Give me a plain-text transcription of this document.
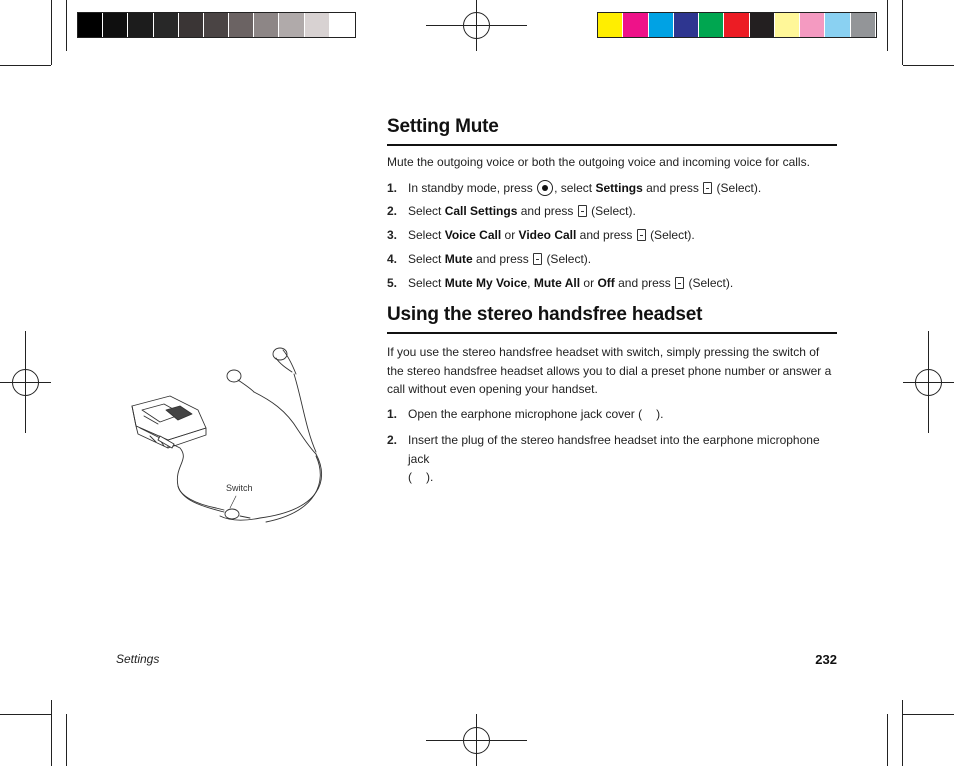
Setting Mute
Mute the outgoing voice or both the outgoing voice and incoming voice for calls.
1. In standby mode, press , select Settings and press (Select).
2. Select Call Settings and press (Select).
3. Select Voice Call or Video Call and press (Select).
4. Select Mute and press (Select).
5. Select Mute My Voice, Mute All or Off and press (Select).
Using the stereo handsfree headset
If you use the stereo handsfree headset with switch, simply pressing the switch of the stereo handsfree headset allows you to dial a preset phone number or answer a call without even opening your handset.
1. Open the earphone microphone jack cover ( ).
2. Insert the plug of the stereo handsfree headset into the earphone microphone jack
( ).
Switch
Settings	232
